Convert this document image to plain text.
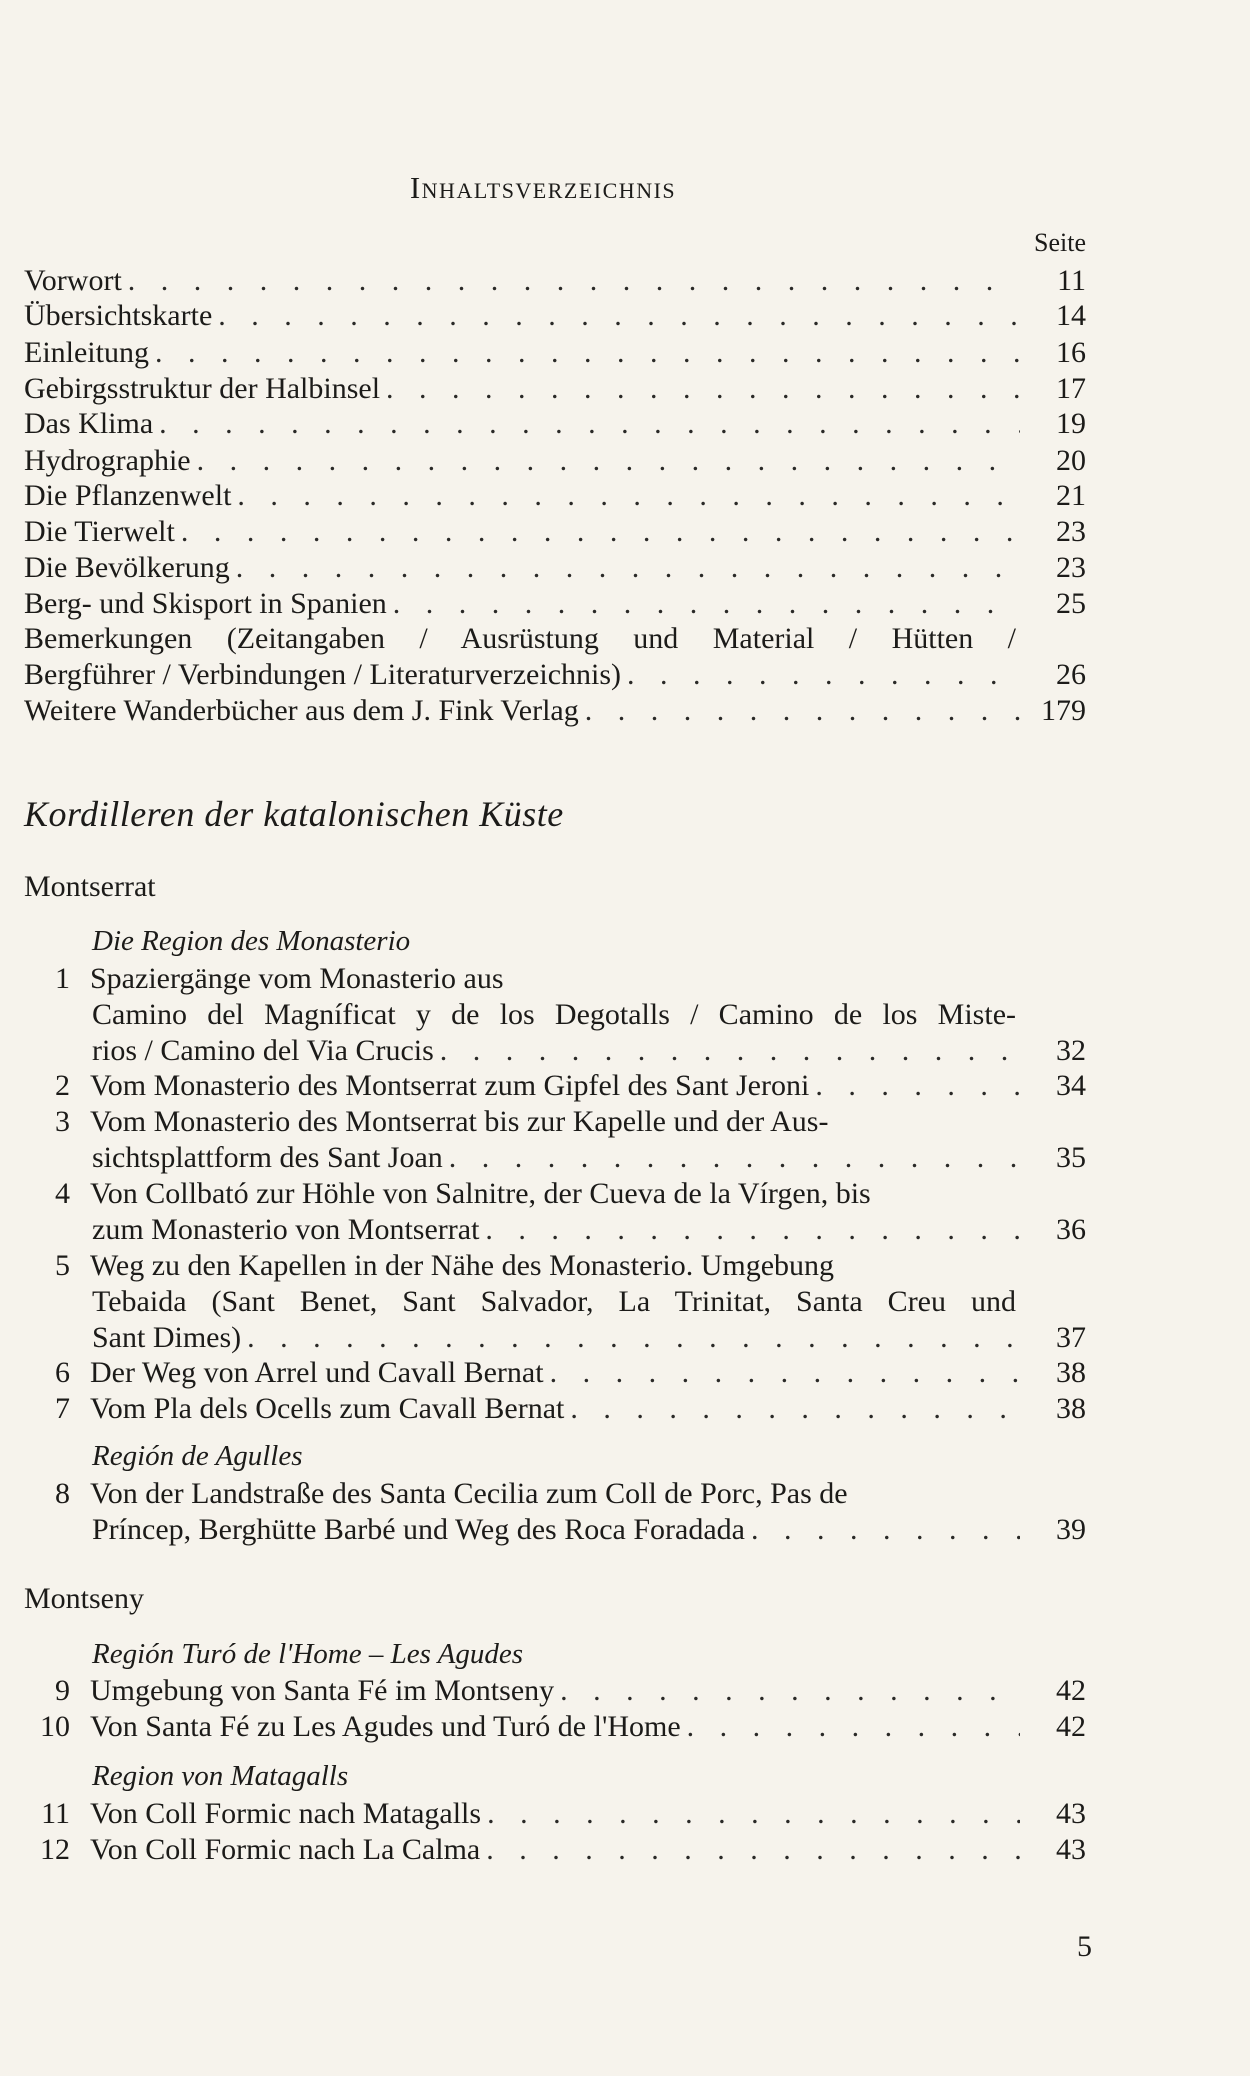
Inhaltsverzeichnis
Seite
Vorwort . . .	11
Übersichtskarte . . .	14
Einleitung . . .	16
Gebirgsstruktur der Halbinsel . . .	17
Das Klima . . .	19
Hydrographie . . .	20
Die Pflanzenwelt . . .	21
Die Tierwelt . . .	23
Die Bevölkerung . . .	23
Berg- und Skisport in Spanien . . .	25
Bemerkungen (Zeitangaben / Ausrüstung und Material / Hütten /
Bergführer / Verbindungen / Literaturverzeichnis) . . .	26
Weitere Wanderbücher aus dem J. Fink Verlag . . .	179
Kordilleren der katalonischen Küste
Montserrat
Die Region des Monasterio
1 Spaziergänge vom Monasterio aus
Camino del Magníficat y de los Degotalls / Camino de los Miste-
rios / Camino del Via Crucis . . .	32
2 Vom Monasterio des Montserrat zum Gipfel des Sant Jeroni . . .	34
3 Vom Monasterio des Montserrat bis zur Kapelle und der Aus-
sichtsplattform des Sant Joan . . .	35
4 Von Collbató zur Höhle von Salnitre, der Cueva de la Vírgen, bis
zum Monasterio von Montserrat . . .	36
5 Weg zu den Kapellen in der Nähe des Monasterio. Umgebung
Tebaida (Sant Benet, Sant Salvador, La Trinitat, Santa Creu und
Sant Dimes) . . .	37
6 Der Weg von Arrel und Cavall Bernat . . .	38
7 Vom Pla dels Ocells zum Cavall Bernat . . .	38
Región de Agulles
8 Von der Landstraße des Santa Cecilia zum Coll de Porc, Pas de
Príncep, Berghütte Barbé und Weg des Roca Foradada . . .	39
Montseny
Región Turó de l'Home – Les Agudes
9 Umgebung von Santa Fé im Montseny . . .	42
10 Von Santa Fé zu Les Agudes und Turó de l'Home . . .	42
Region von Matagalls
11 Von Coll Formic nach Matagalls . . .	43
12 Von Coll Formic nach La Calma . . .	43
5
